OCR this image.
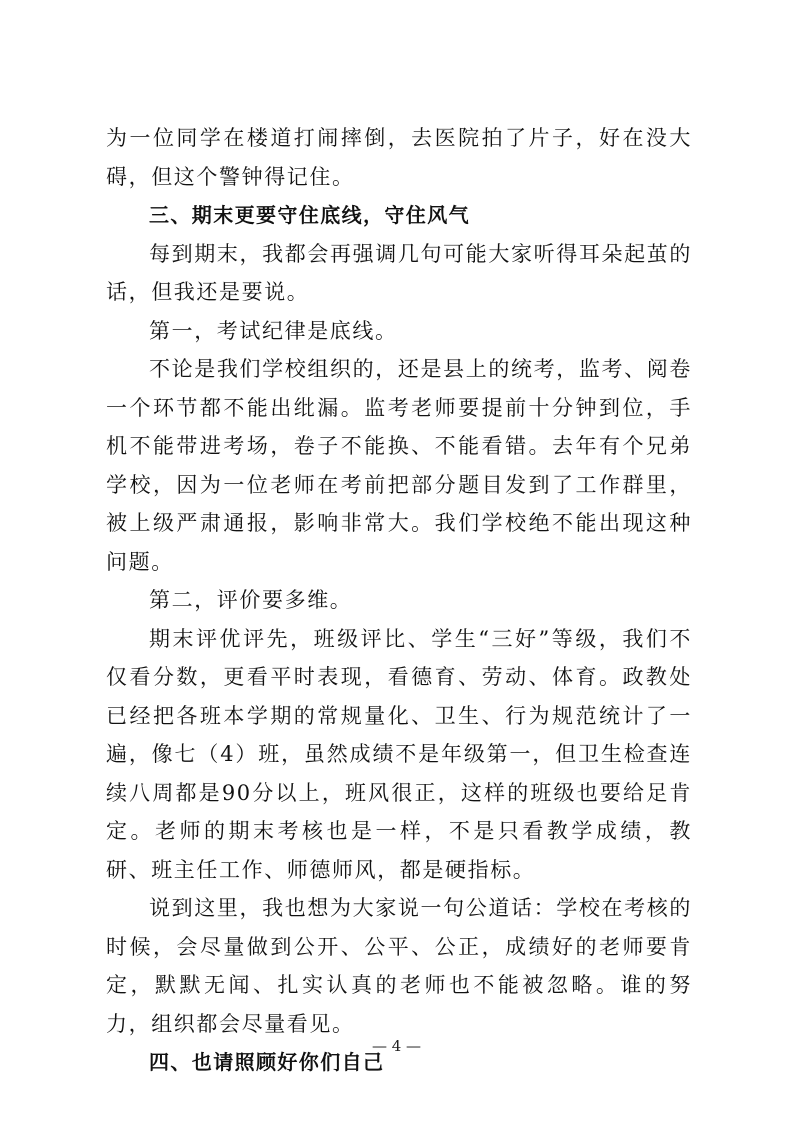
为一位同学在楼道打闹摔倒，去医院拍了片子，好在没大碍，但这个警钟得记住。

三、期末更要守住底线，守住风气

每到期末，我都会再强调几句可能大家听得耳朵起茧的话，但我还是要说。

第一，考试纪律是底线。

不论是我们学校组织的，还是县上的统考，监考、阅卷一个环节都不能出纰漏。监考老师要提前十分钟到位，手机不能带进考场，卷子不能换、不能看错。去年有个兄弟学校，因为一位老师在考前把部分题目发到了工作群里，被上级严肃通报，影响非常大。我们学校绝不能出现这种问题。

第二，评价要多维。

期末评优评先，班级评比、学生“三好”等级，我们不仅看分数，更看平时表现，看德育、劳动、体育。政教处已经把各班本学期的常规量化、卫生、行为规范统计了一遍，像七（4）班，虽然成绩不是年级第一，但卫生检查连续八周都是90分以上，班风很正，这样的班级也要给足肯定。老师的期末考核也是一样，不是只看教学成绩，教研、班主任工作、师德师风，都是硬指标。

说到这里，我也想为大家说一句公道话：学校在考核的时候，会尽量做到公开、公平、公正，成绩好的老师要肯定，默默无闻、扎实认真的老师也不能被忽略。谁的努力，组织都会尽量看见。

四、也请照顾好你们自己
— 4 —
